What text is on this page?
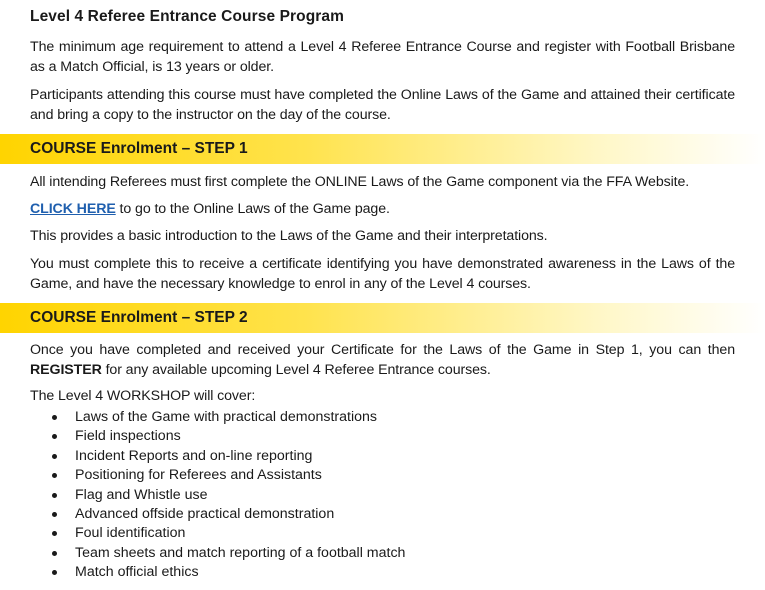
Level 4 Referee Entrance Course Program
The minimum age requirement to attend a Level 4 Referee Entrance Course and register with Football Brisbane as a Match Official, is 13 years or older.
Participants attending this course must have completed the Online Laws of the Game and attained their certificate and bring a copy to the instructor on the day of the course.
COURSE Enrolment – STEP 1
All intending Referees must first complete the ONLINE Laws of the Game component via the FFA Website.
CLICK HERE to go to the Online Laws of the Game page.
This provides a basic introduction to the Laws of the Game and their interpretations.
You must complete this to receive a certificate identifying you have demonstrated awareness in the Laws of the Game, and have the necessary knowledge to enrol in any of the Level 4 courses.
COURSE Enrolment – STEP 2
Once you have completed and received your Certificate for the Laws of the Game in Step 1, you can then REGISTER for any available upcoming Level 4 Referee Entrance courses.
The Level 4 WORKSHOP will cover:
Laws of the Game with practical demonstrations
Field inspections
Incident Reports and on-line reporting
Positioning for Referees and Assistants
Flag and Whistle use
Advanced offside practical demonstration
Foul identification
Team sheets and match reporting of a football match
Match official ethics
